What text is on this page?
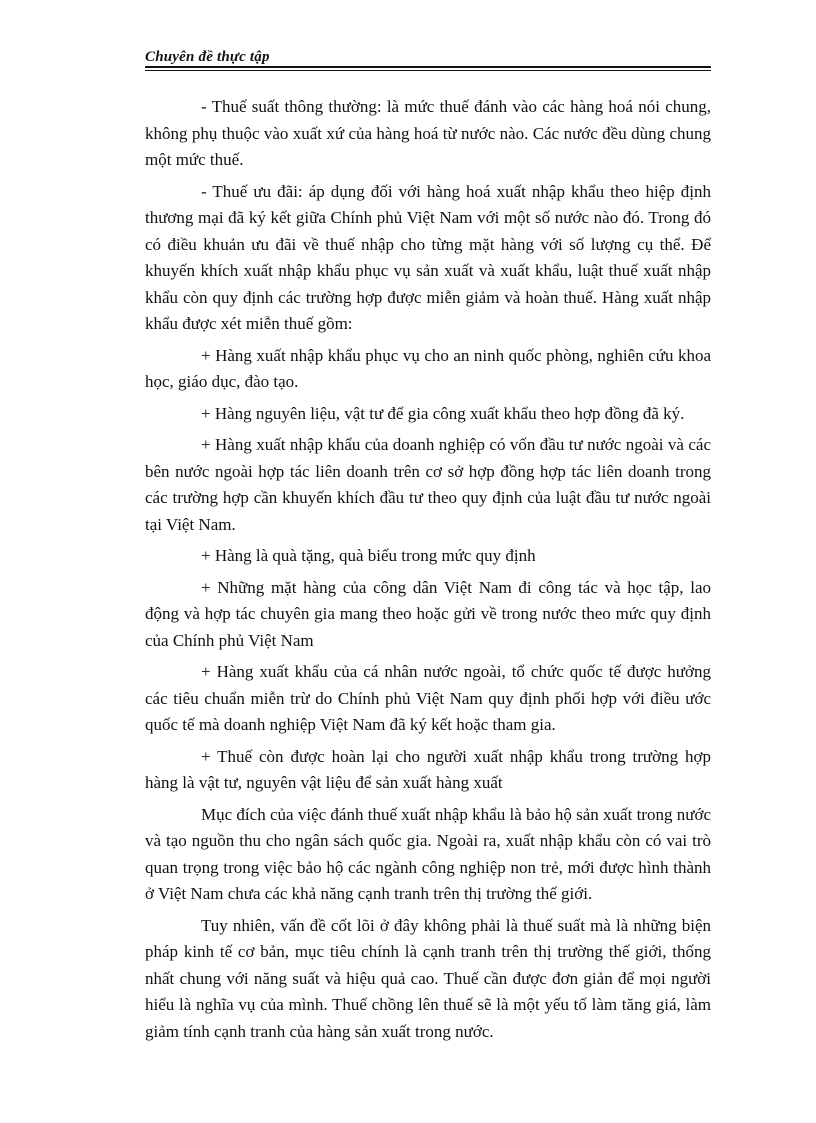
Chuyên đề thực tập

- Thuế suất thông thường: là mức thuế đánh vào các hàng hoá nói chung, không phụ thuộc vào xuất xứ của hàng hoá từ nước nào. Các nước đều dùng chung một mức thuế.

- Thuế ưu đãi: áp dụng đối với hàng hoá xuất nhập khẩu theo hiệp định thương mại đã ký kết giữa Chính phủ Việt Nam với một số nước nào đó. Trong đó có điều khuản ưu đãi về thuế nhập cho từng mặt hàng với số lượng cụ thể. Để khuyến khích xuất nhập khẩu phục vụ sản xuất và xuất khẩu, luật thuế xuất nhập khẩu còn quy định các trường hợp được miễn giảm và hoàn thuế. Hàng xuất nhập khẩu được xét miễn thuế gồm:

+ Hàng xuất nhập khẩu phục vụ cho an ninh quốc phòng, nghiên cứu khoa học, giáo dục, đào tạo.

+ Hàng nguyên liệu, vật tư để gia công xuất khẩu theo hợp đồng đã ký.

+ Hàng xuất nhập khẩu của doanh nghiệp có vốn đầu tư nước ngoài và các bên nước ngoài hợp tác liên doanh trên cơ sở hợp đồng hợp tác liên doanh trong các trường hợp cần khuyến khích đầu tư theo quy định của luật đầu tư nước ngoài tại Việt Nam.

+ Hàng là quà tặng, quà biếu trong mức quy định

+ Những mặt hàng của công dân Việt Nam đi công tác và học tập, lao động và hợp tác chuyên gia mang theo hoặc gửi về trong nước theo mức quy định của Chính phủ Việt Nam

+ Hàng xuất khẩu của cá nhân nước ngoài, tổ chức quốc tế được hưởng các tiêu chuẩn miễn trừ do Chính phủ Việt Nam quy định phối hợp với điều ước quốc tế mà doanh nghiệp Việt Nam đã ký kết hoặc tham gia.

+ Thuế còn được hoàn lại cho người xuất nhập khẩu trong trường hợp hàng là vật tư, nguyên vật liệu để sản xuất hàng xuất

Mục đích của việc đánh thuế xuất nhập khẩu là bảo hộ sản xuất trong nước và tạo nguồn thu cho ngân sách quốc gia. Ngoài ra, xuất nhập khẩu còn có vai trò quan trọng trong việc bảo hộ các ngành công nghiệp non trẻ, mới được hình thành ở Việt Nam chưa các khả năng cạnh tranh trên thị trường thế giới.

Tuy nhiên, vấn đề cốt lõi ở đây không phải là thuế suất mà là những biện pháp kinh tế cơ bản, mục tiêu chính là cạnh tranh trên thị trường thế giới, thống nhất chung với năng suất và hiệu quả cao. Thuế cần được đơn giản để mọi người hiểu là nghĩa vụ của mình. Thuế chồng lên thuế sẽ là một yếu tố làm tăng giá, làm giảm tính cạnh tranh của hàng sản xuất trong nước.
